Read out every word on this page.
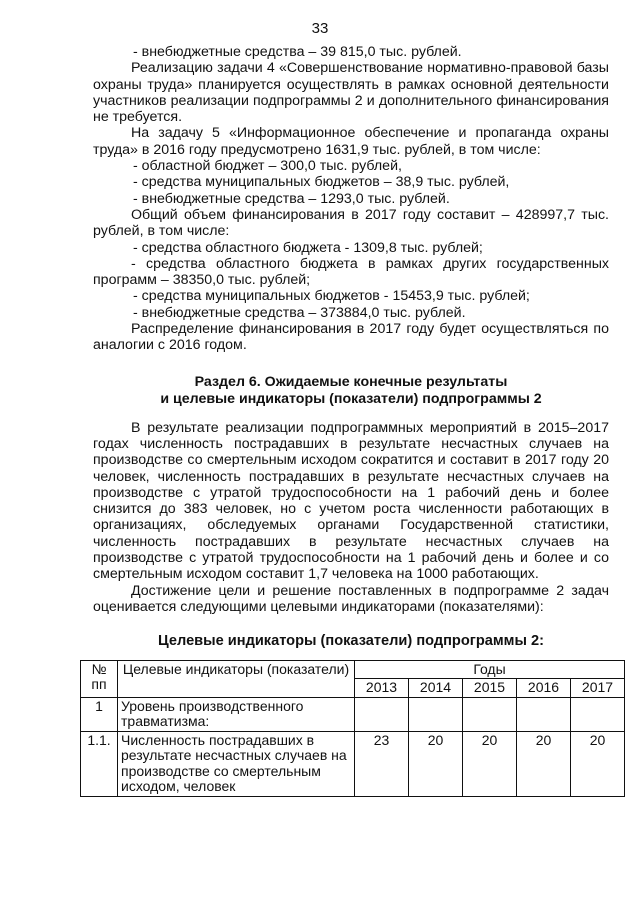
33

- внебюджетные средства – 39 815,0 тыс. рублей.

Реализацию задачи 4 «Совершенствование нормативно-правовой базы охраны труда» планируется осуществлять в рамках основной деятельности участников реализации подпрограммы 2 и дополнительного финансирования не требуется.

На задачу 5 «Информационное обеспечение и пропаганда охраны труда» в 2016 году предусмотрено 1631,9 тыс. рублей, в том числе:

- областной бюджет – 300,0 тыс. рублей,

- средства муниципальных бюджетов – 38,9 тыс. рублей,

- внебюджетные средства – 1293,0 тыс. рублей.

Общий объем финансирования в 2017 году составит – 428997,7 тыс. рублей, в том числе:

- средства областного бюджета - 1309,8 тыс. рублей;

- средства областного бюджета в рамках других государственных программ – 38350,0 тыс. рублей;

- средства муниципальных бюджетов - 15453,9 тыс. рублей;

- внебюджетные средства – 373884,0 тыс. рублей.

Распределение финансирования в 2017 году будет осуществляться по аналогии с 2016 годом.

Раздел 6. Ожидаемые конечные результаты
и целевые индикаторы (показатели) подпрограммы 2

В результате реализации подпрограммных мероприятий в 2015–2017 годах численность пострадавших в результате несчастных случаев на производстве со смертельным исходом сократится и составит в 2017 году 20 человек, численность пострадавших в результате несчастных случаев на производстве с утратой трудоспособности на 1 рабочий день и более снизится до 383 человек, но с учетом роста численности работающих в организациях, обследуемых органами Государственной статистики, численность пострадавших в результате несчастных случаев на производстве с утратой трудоспособности на 1 рабочий день и более и со смертельным исходом составит 1,7 человека на 1000 работающих.

Достижение цели и решение поставленных в подпрограмме 2 задач оценивается следующими целевыми индикаторами (показателями):

Целевые индикаторы (показатели) подпрограммы 2:
№ пп	Целевые индикаторы (показатели)	Годы				
		2013	2014	2015	2016	2017
1	Уровень производственного травматизма:					
1.1.	Численность пострадавших в результате несчастных случаев на производстве со смертельным исходом, человек	23	20	20	20	20
